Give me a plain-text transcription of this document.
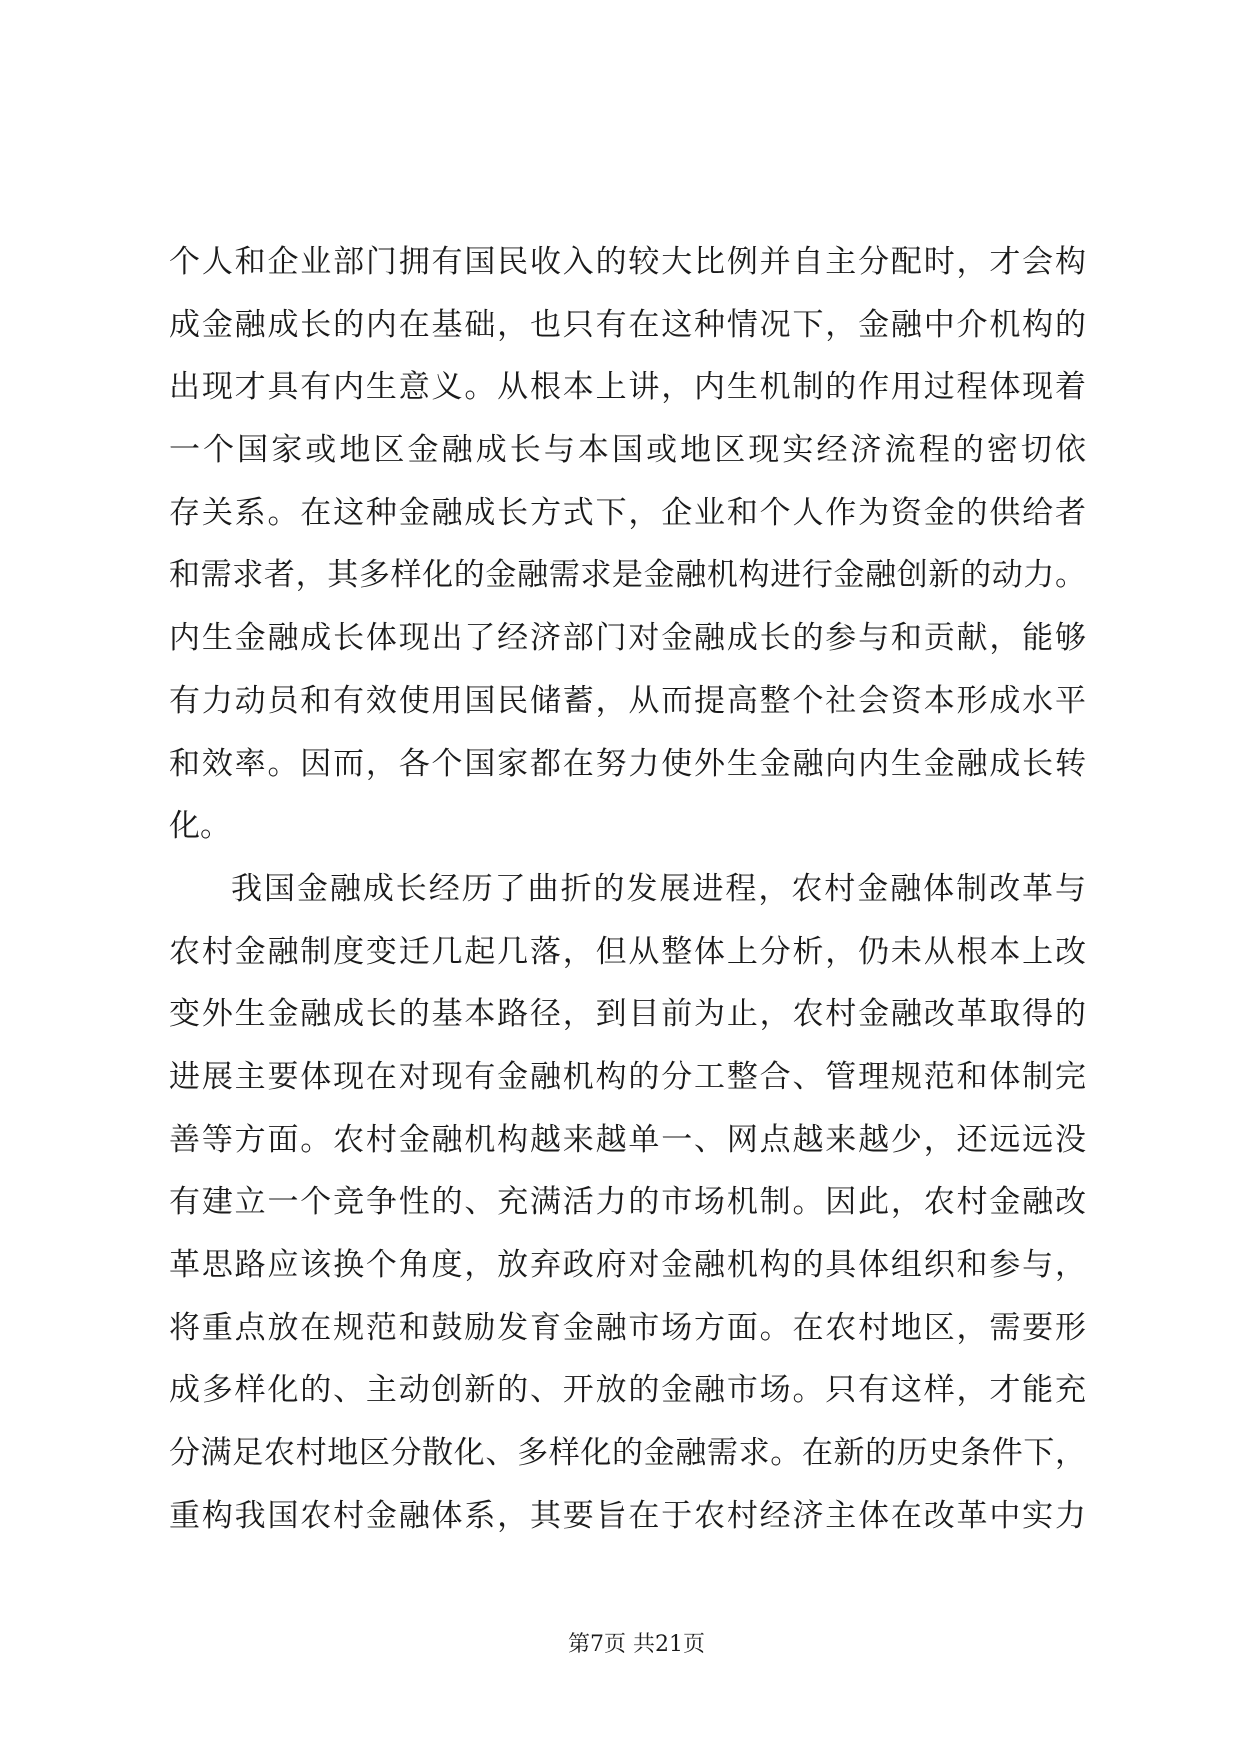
个人和企业部门拥有国民收入的较大比例并自主分配时，才会构
成金融成长的内在基础，也只有在这种情况下，金融中介机构的
出现才具有内生意义。从根本上讲，内生机制的作用过程体现着
一个国家或地区金融成长与本国或地区现实经济流程的密切依
存关系。在这种金融成长方式下，企业和个人作为资金的供给者
和需求者，其多样化的金融需求是金融机构进行金融创新的动力。
内生金融成长体现出了经济部门对金融成长的参与和贡献，能够
有力动员和有效使用国民储蓄，从而提高整个社会资本形成水平
和效率。因而，各个国家都在努力使外生金融向内生金融成长转
化。
我国金融成长经历了曲折的发展进程，农村金融体制改革与
农村金融制度变迁几起几落，但从整体上分析，仍未从根本上改
变外生金融成长的基本路径，到目前为止，农村金融改革取得的
进展主要体现在对现有金融机构的分工整合、管理规范和体制完
善等方面。农村金融机构越来越单一、网点越来越少，还远远没
有建立一个竞争性的、充满活力的市场机制。因此，农村金融改
革思路应该换个角度，放弃政府对金融机构的具体组织和参与，
将重点放在规范和鼓励发育金融市场方面。在农村地区，需要形
成多样化的、主动创新的、开放的金融市场。只有这样，才能充
分满足农村地区分散化、多样化的金融需求。在新的历史条件下，
重构我国农村金融体系，其要旨在于农村经济主体在改革中实力
第7页 共21页
